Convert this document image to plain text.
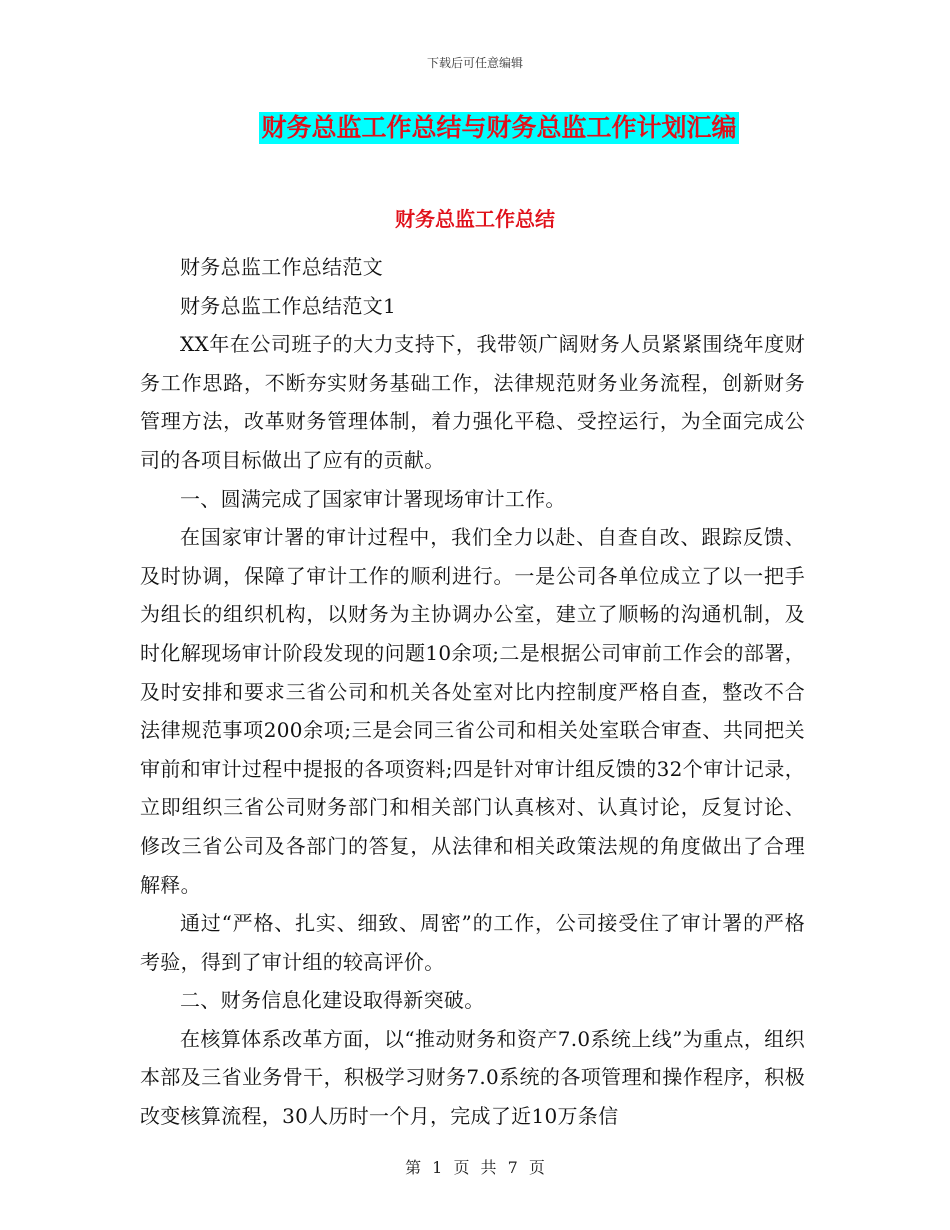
下载后可任意编辑
财务总监工作总结与财务总监工作计划汇编
财务总监工作总结

财务总监工作总结范文

财务总监工作总结范文1

XX年在公司班子的大力支持下，我带领广阔财务人员紧紧围绕年度财务工作思路，不断夯实财务基础工作，法律规范财务业务流程，创新财务管理方法，改革财务管理体制，着力强化平稳、受控运行，为全面完成公司的各项目标做出了应有的贡献。

一、圆满完成了国家审计署现场审计工作。

在国家审计署的审计过程中，我们全力以赴、自查自改、跟踪反馈、及时协调，保障了审计工作的顺利进行。一是公司各单位成立了以一把手为组长的组织机构，以财务为主协调办公室，建立了顺畅的沟通机制，及时化解现场审计阶段发现的问题10余项;二是根据公司审前工作会的部署，及时安排和要求三省公司和机关各处室对比内控制度严格自查，整改不合法律规范事项200余项;三是会同三省公司和相关处室联合审查、共同把关审前和审计过程中提报的各项资料;四是针对审计组反馈的32个审计记录，立即组织三省公司财务部门和相关部门认真核对、认真讨论，反复讨论、修改三省公司及各部门的答复，从法律和相关政策法规的角度做出了合理解释。

通过“严格、扎实、细致、周密”的工作，公司接受住了审计署的严格考验，得到了审计组的较高评价。

二、财务信息化建设取得新突破。

在核算体系改革方面，以“推动财务和资产7.0系统上线”为重点，组织本部及三省业务骨干，积极学习财务7.0系统的各项管理和操作程序，积极改变核算流程，30人历时一个月，完成了近10万条信

第 1 页 共 7 页
